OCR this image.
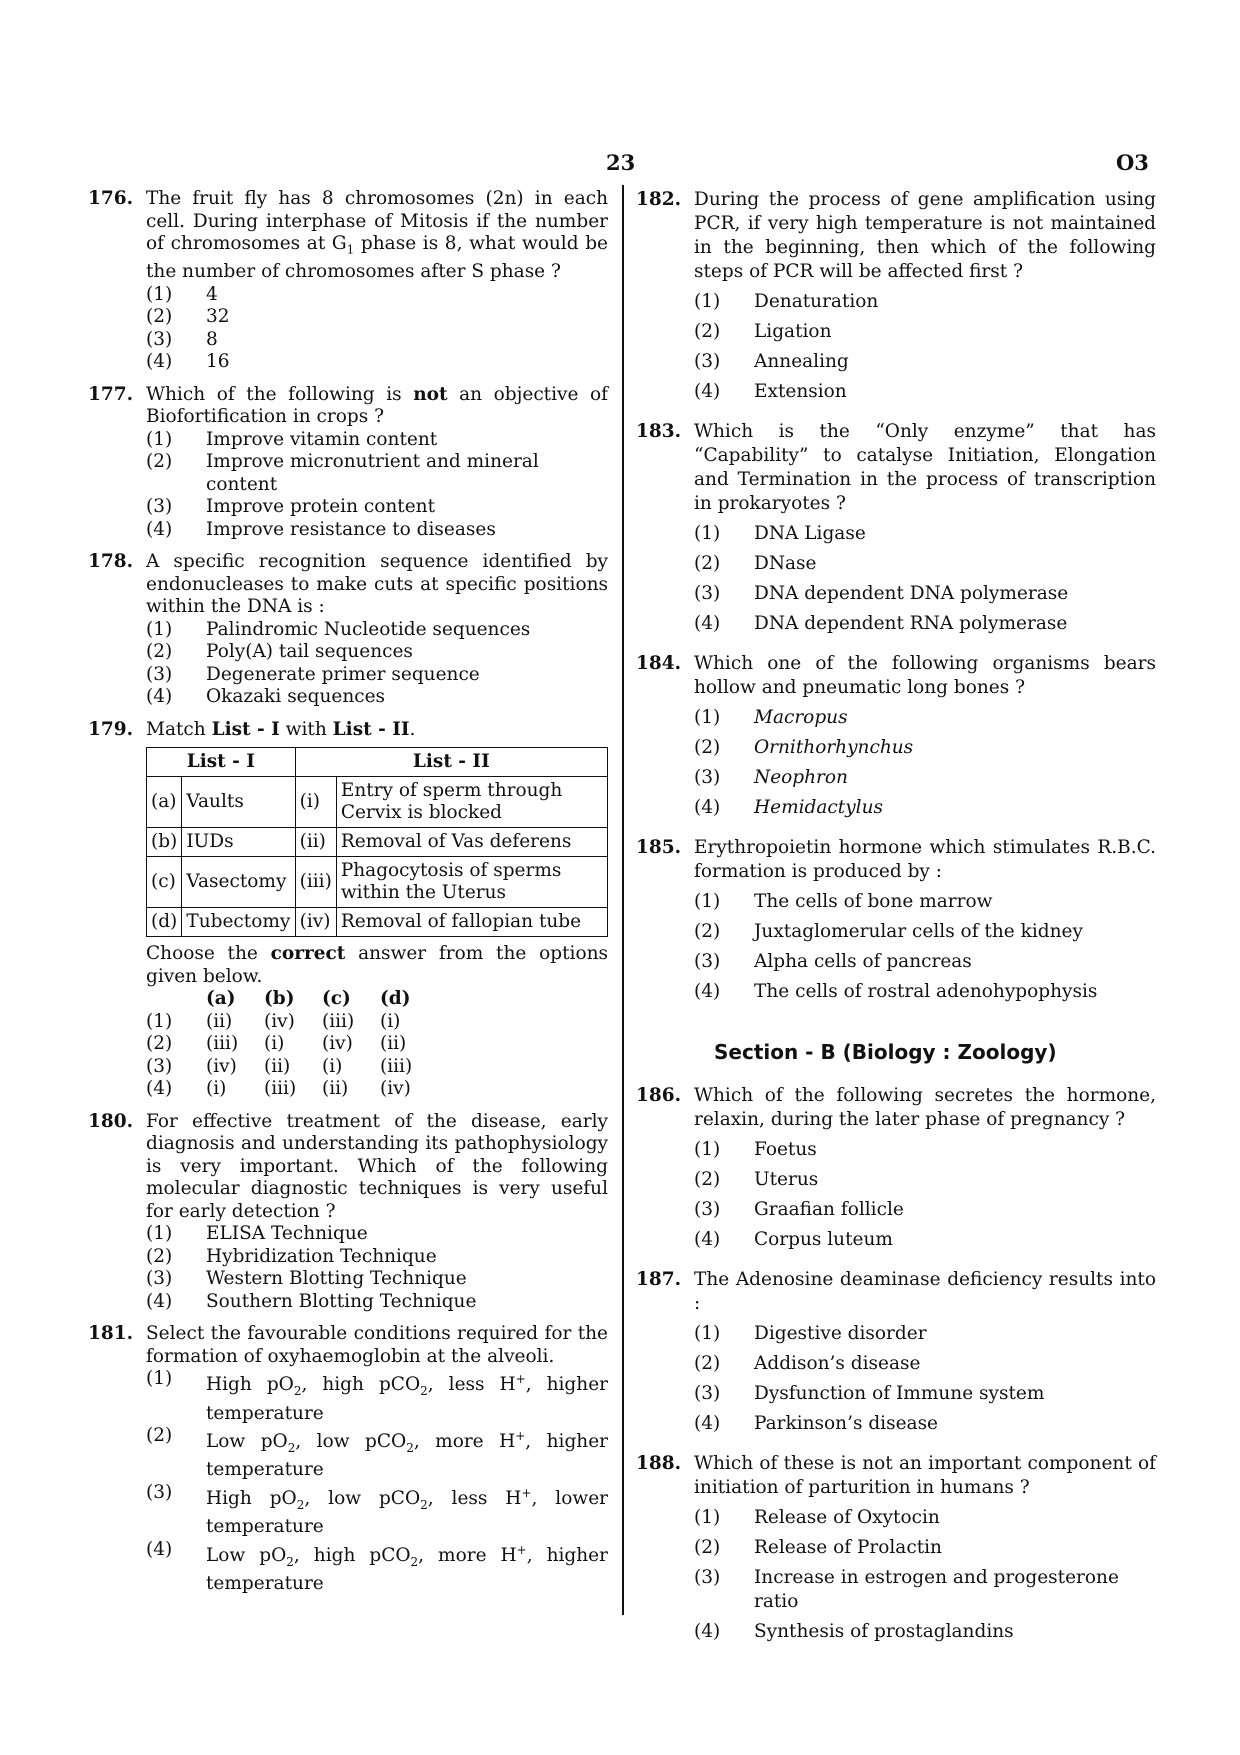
23	O3
176. The fruit fly has 8 chromosomes (2n) in each cell. During interphase of Mitosis if the number of chromosomes at $G_1$ phase is 8, what would be the number of chromosomes after S phase ?
(1)	4
(2)	32
(3)	8
(4)	16
177. Which of the following is not an objective of Biofortification in crops ?
(1)	Improve vitamin content
(2)	Improve micronutrient and mineral content
(3)	Improve protein content
(4)	Improve resistance to diseases
178. A specific recognition sequence identified by endonucleases to make cuts at specific positions within the DNA is :
(1)	Palindromic Nucleotide sequences
(2)	Poly(A) tail sequences
(3)	Degenerate primer sequence
(4)	Okazaki sequences
179. Match List - I with List - II.
List - I		List - II	
(a)	Vaults	(i)	Entry of sperm through Cervix is blocked
(b)	IUDs	(ii)	Removal of Vas deferens
(c)	Vasectomy	(iii)	Phagocytosis of sperms within the Uterus
(d)	Tubectomy	(iv)	Removal of fallopian tube
Choose the correct answer from the options given below.
(a)	(b)	(c)	(d)
(1)	(ii)	(iv)	(iii)	(i)
(2)	(iii)	(i)	(iv)	(ii)
(3)	(iv)	(ii)	(i)	(iii)
(4)	(i)	(iii)	(ii)	(iv)
180. For effective treatment of the disease, early diagnosis and understanding its pathophysiology is very important. Which of the following molecular diagnostic techniques is very useful for early detection ?
(1)	ELISA Technique
(2)	Hybridization Technique
(3)	Western Blotting Technique
(4)	Southern Blotting Technique
181. Select the favourable conditions required for the formation of oxyhaemoglobin at the alveoli.
(1)	High $pO_2$, high pCO$_2$, less H+, higher temperature
(2)	Low $pO_2$, low pCO$_2$, more H+, higher temperature
(3)	High $pO_2$, low pCO$_2$, less H+, lower temperature
(4)	Low $pO_2$, high pCO$_2$, more H+, higher temperature
182. During the process of gene amplification using PCR, if very high temperature is not maintained in the beginning, then which of the following steps of PCR will be affected first ?
(1)	Denaturation
(2)	Ligation
(3)	Annealing
(4)	Extension
183. Which is the “Only enzyme” that has “Capability” to catalyse Initiation, Elongation and Termination in the process of transcription in prokaryotes ?
(1)	DNA Ligase
(2)	DNase
(3)	DNA dependent DNA polymerase
(4)	DNA dependent RNA polymerase
184. Which one of the following organisms bears hollow and pneumatic long bones ?
(1)	Macropus
(2)	Ornithorhynchus
(3)	Neophron
(4)	Hemidactylus
185. Erythropoietin hormone which stimulates R.B.C. formation is produced by :
(1)	The cells of bone marrow
(2)	Juxtaglomerular cells of the kidney
(3)	Alpha cells of pancreas
(4)	The cells of rostral adenohypophysis
Section - B (Biology : Zoology)
186. Which of the following secretes the hormone, relaxin, during the later phase of pregnancy ?
(1)	Foetus
(2)	Uterus
(3)	Graafian follicle
(4)	Corpus luteum
187. The Adenosine deaminase deficiency results into :
(1)	Digestive disorder
(2)	Addison’s disease
(3)	Dysfunction of Immune system
(4)	Parkinson’s disease
188. Which of these is not an important component of initiation of parturition in humans ?
(1)	Release of Oxytocin
(2)	Release of Prolactin
(3)	Increase in estrogen and progesterone ratio
(4)	Synthesis of prostaglandins
